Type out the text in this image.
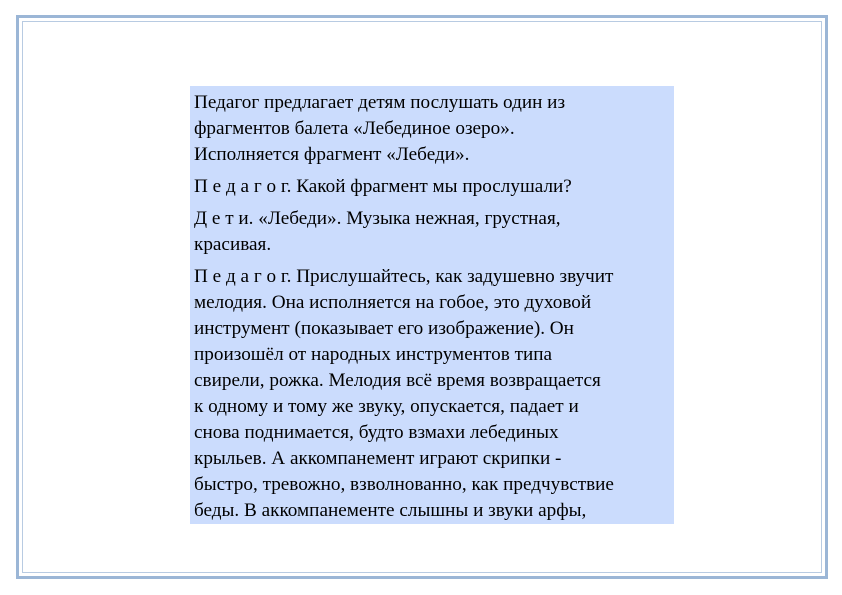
Педагог предлагает детям послушать один из
фрагментов балета «Лебединое озеро».
Исполняется фрагмент «Лебеди».

П е д а г о г. Какой фрагмент мы прослушали?

Д е т и. «Лебеди». Музыка нежная, грустная,
красивая.

П е д а г о г. Прислушайтесь, как задушевно звучит
мелодия. Она исполняется на гобое, это духовой
инструмент (показывает его изображение). Он
произошёл от народных инструментов типа
свирели, рожка. Мелодия всё время возвращается
к одному и тому же звуку, опускается, падает и
снова поднимается, будто взмахи лебединых
крыльев. А аккомпанемент играют скрипки -
быстро, тревожно, взволнованно, как предчувствие
беды. В аккомпанементе слышны и звуки арфы,
